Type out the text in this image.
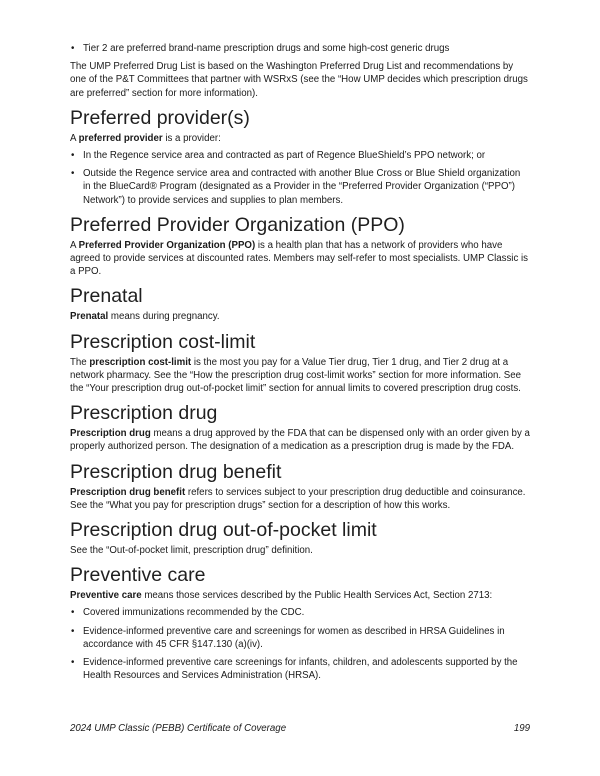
• Tier 2 are preferred brand-name prescription drugs and some high-cost generic drugs

The UMP Preferred Drug List is based on the Washington Preferred Drug List and recommendations by one of the P&T Committees that partner with WSRxS (see the “How UMP decides which prescription drugs are preferred” section for more information).

Preferred provider(s)

A preferred provider is a provider:

• In the Regence service area and contracted as part of Regence BlueShield’s PPO network; or
• Outside the Regence service area and contracted with another Blue Cross or Blue Shield organization in the BlueCard® Program (designated as a Provider in the “Preferred Provider Organization (“PPO”) Network”) to provide services and supplies to plan members.
Preferred Provider Organization (PPO)

A Preferred Provider Organization (PPO) is a health plan that has a network of providers who have agreed to provide services at discounted rates. Members may self-refer to most specialists. UMP Classic is a PPO.

Prenatal

Prenatal means during pregnancy.

Prescription cost-limit

The prescription cost-limit is the most you pay for a Value Tier drug, Tier 1 drug, and Tier 2 drug at a network pharmacy. See the “How the prescription drug cost-limit works” section for more information. See the “Your prescription drug out-of-pocket limit” section for annual limits to covered prescription drug costs.

Prescription drug

Prescription drug means a drug approved by the FDA that can be dispensed only with an order given by a properly authorized person. The designation of a medication as a prescription drug is made by the FDA.

Prescription drug benefit

Prescription drug benefit refers to services subject to your prescription drug deductible and coinsurance. See the “What you pay for prescription drugs” section for a description of how this works.

Prescription drug out-of-pocket limit

See the “Out-of-pocket limit, prescription drug” definition.

Preventive care

Preventive care means those services described by the Public Health Services Act, Section 2713:

• Covered immunizations recommended by the CDC.
• Evidence-informed preventive care and screenings for women as described in HRSA Guidelines in accordance with 45 CFR §147.130 (a)(iv).
• Evidence-informed preventive care screenings for infants, children, and adolescents supported by the Health Resources and Services Administration (HRSA).
2024 UMP Classic (PEBB) Certificate of Coverage	199
